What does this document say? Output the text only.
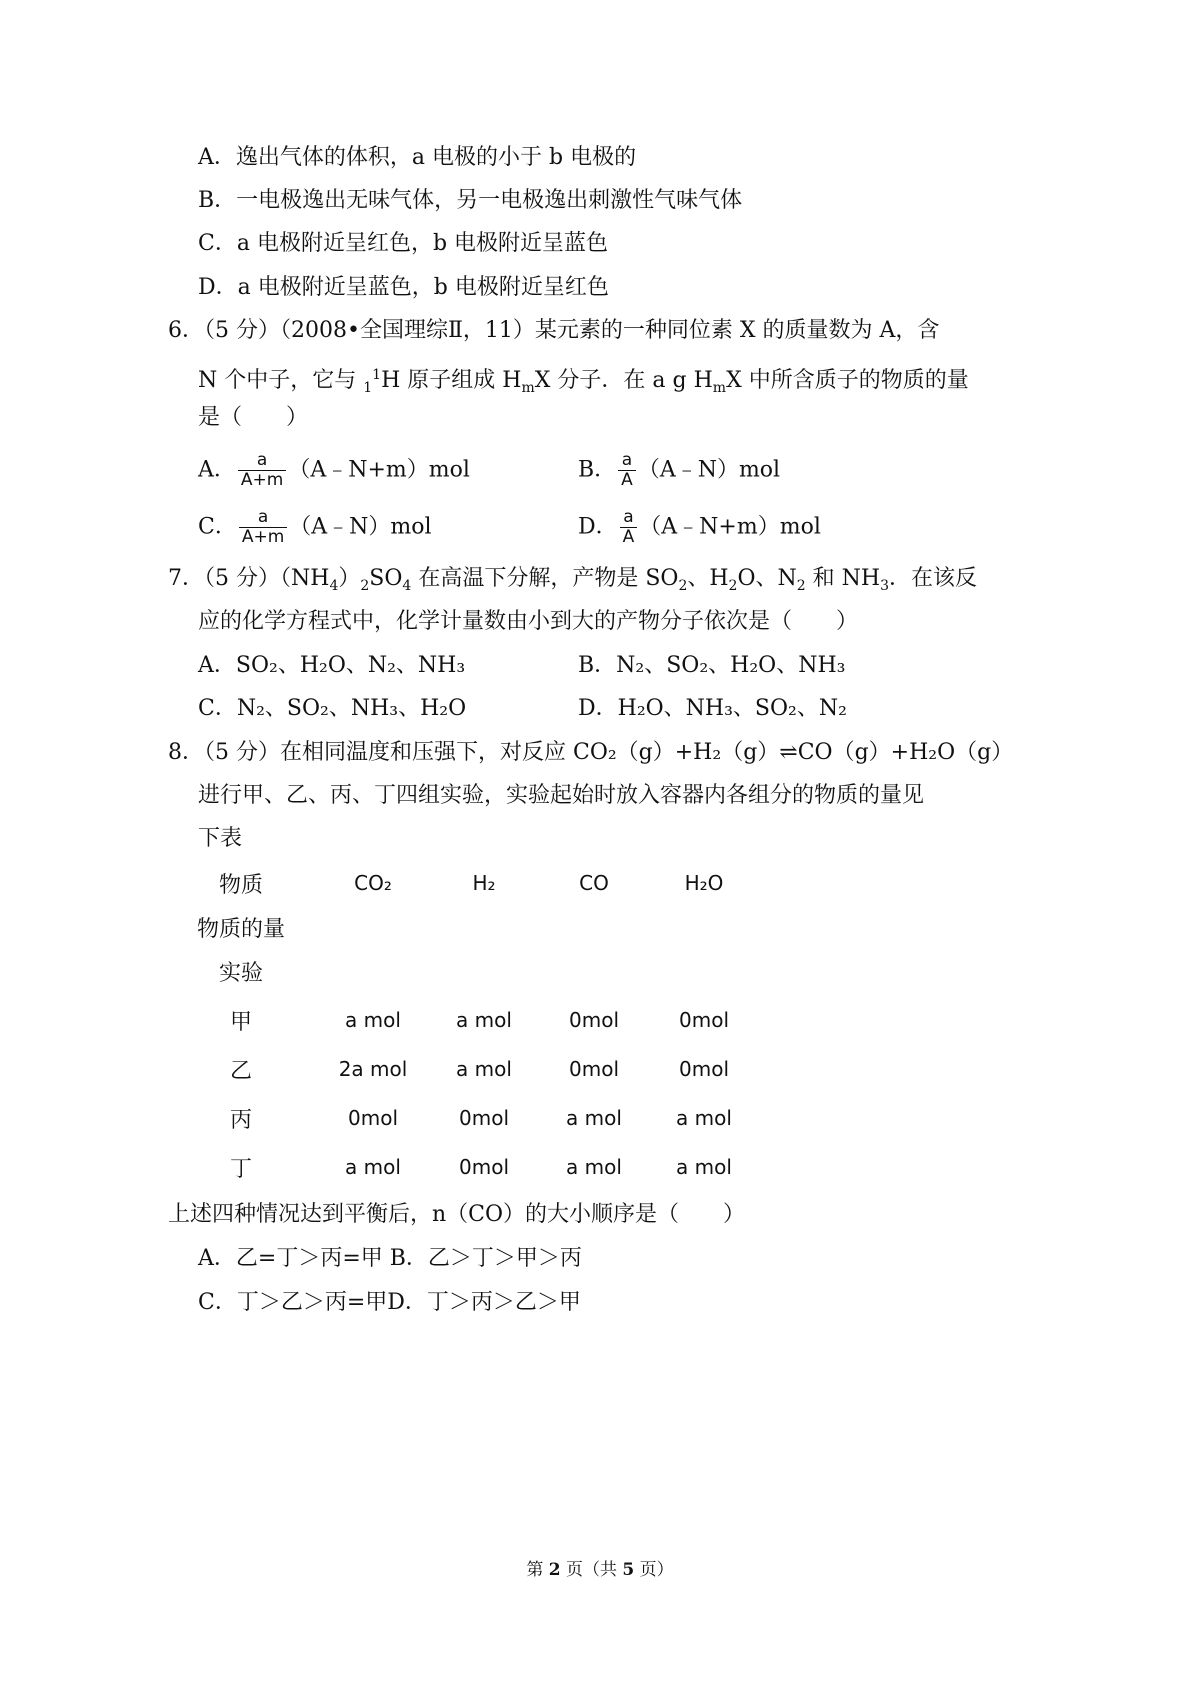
A．逸出气体的体积，a 电极的小于 b 电极的
B．一电极逸出无味气体，另一电极逸出刺激性气味气体
C．a 电极附近呈红色，b 电极附近呈蓝色
D．a 电极附近呈蓝色，b 电极附近呈红色
6．（5 分）（2008•全国理综Ⅱ，11）某元素的一种同位素 X 的质量数为 A，含
N 个中子，它与 $_1^1$H 原子组成 $H_mX$ 分子．在 a g $H_mX$ 中所含质子的物质的量
是（　　）
A． $\frac{a}{A+m}$ （A﹣N+m）mol	B． $\frac{a}{A}$ （A﹣N）mol
C． $\frac{a}{A+m}$ （A﹣N）mol	D． $\frac{a}{A}$ （A﹣N+m）mol
7．（5 分）$(NH_4)_2SO_4$ 在高温下分解，产物是 $SO_2$、$H_2O$、$N_2$ 和 $NH_3$．在该反
应的化学方程式中，化学计量数由小到大的产物分子依次是（　　）
A．SO₂、H₂O、N₂、NH₃	B．N₂、SO₂、H₂O、NH₃
C．N₂、SO₂、NH₃、H₂O	D．H₂O、NH₃、SO₂、N₂
8．（5 分）在相同温度和压强下，对反应 CO₂（g）+H₂（g）⇌CO（g）+H₂O（g）
进行甲、乙、丙、丁四组实验，实验起始时放入容器内各组分的物质的量见
下表
物质	CO₂	H₂	CO	H₂O
物质的量
实验
甲	a mol	a mol	0mol	0mol
乙	2a mol	a mol	0mol	0mol
丙	0mol	0mol	a mol	a mol
丁	a mol	0mol	a mol	a mol
上述四种情况达到平衡后，n（CO）的大小顺序是（　　）
A．乙=丁＞丙=甲 B．乙＞丁＞甲＞丙
C．丁＞乙＞丙=甲D．丁＞丙＞乙＞甲
第 2 页（共 5 页）
